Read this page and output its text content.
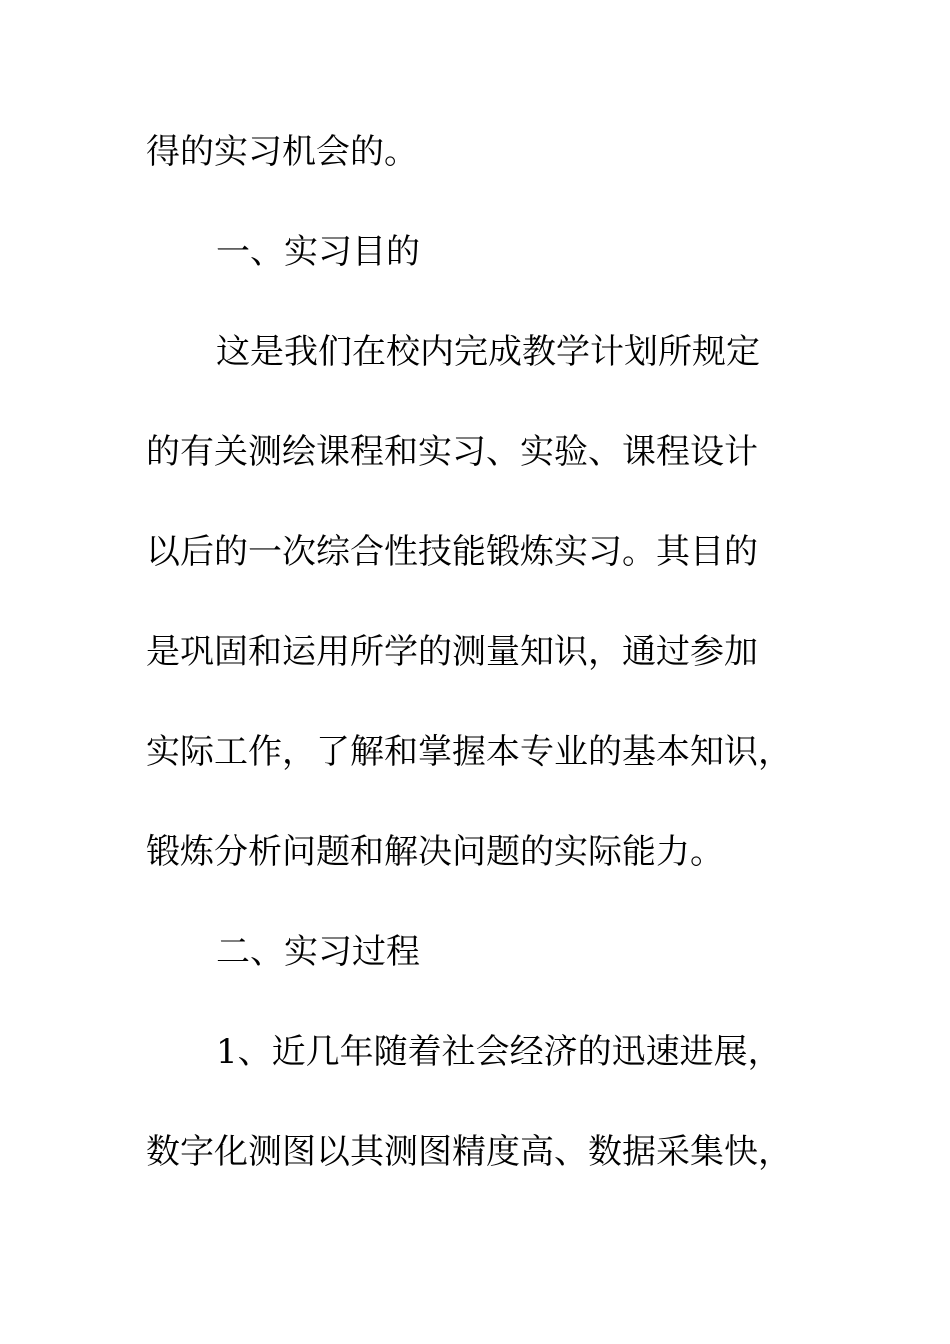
得的实习机会的。
一、实习目的
这是我们在校内完成教学计划所规定
的有关测绘课程和实习、实验、课程设计
以后的一次综合性技能锻炼实习。其目的
是巩固和运用所学的测量知识，通过参加
实际工作，了解和掌握本专业的基本知识，
锻炼分析问题和解决问题的实际能力。
二、实习过程
1、近几年随着社会经济的迅速进展，
数字化测图以其测图精度高、数据采集快，
